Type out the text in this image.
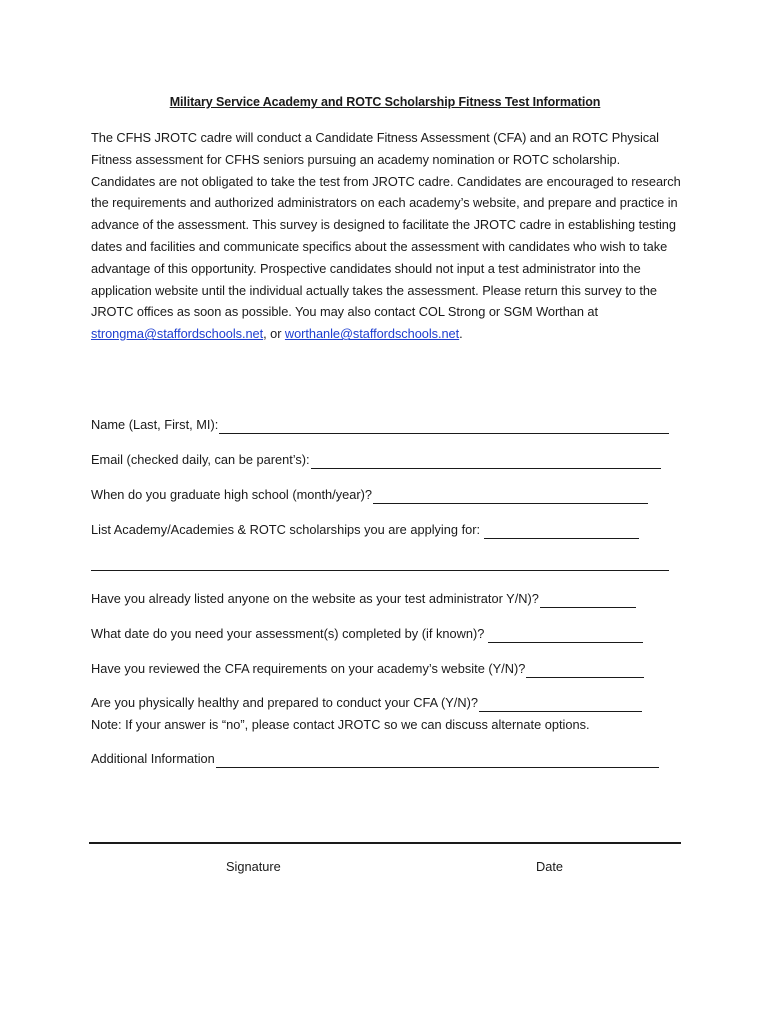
Military Service Academy and ROTC Scholarship Fitness Test Information

The CFHS JROTC cadre will conduct a Candidate Fitness Assessment (CFA) and an ROTC Physical Fitness assessment for CFHS seniors pursuing an academy nomination or ROTC scholarship. Candidates are not obligated to take the test from JROTC cadre. Candidates are encouraged to research the requirements and authorized administrators on each academy’s website, and prepare and practice in advance of the assessment. This survey is designed to facilitate the JROTC cadre in establishing testing dates and facilities and communicate specifics about the assessment with candidates who wish to take advantage of this opportunity. Prospective candidates should not input a test administrator into the application website until the individual actually takes the assessment. Please return this survey to the JROTC offices as soon as possible. You may also contact COL Strong or SGM Worthan at
strongma@staffordschools.net, or worthanle@staffordschools.net.

Name (Last, First, MI):
Email (checked daily, can be parent’s):
When do you graduate high school (month/year)?
List Academy/Academies & ROTC scholarships you are applying for:
Have you already listed anyone on the website as your test administrator Y/N)?
What date do you need your assessment(s) completed by (if known)?
Have you reviewed the CFA requirements on your academy’s website (Y/N)?
Are you physically healthy and prepared to conduct your CFA (Y/N)?
Note: If your answer is “no”, please contact JROTC so we can discuss alternate options.
Additional Information
Signature	Date
